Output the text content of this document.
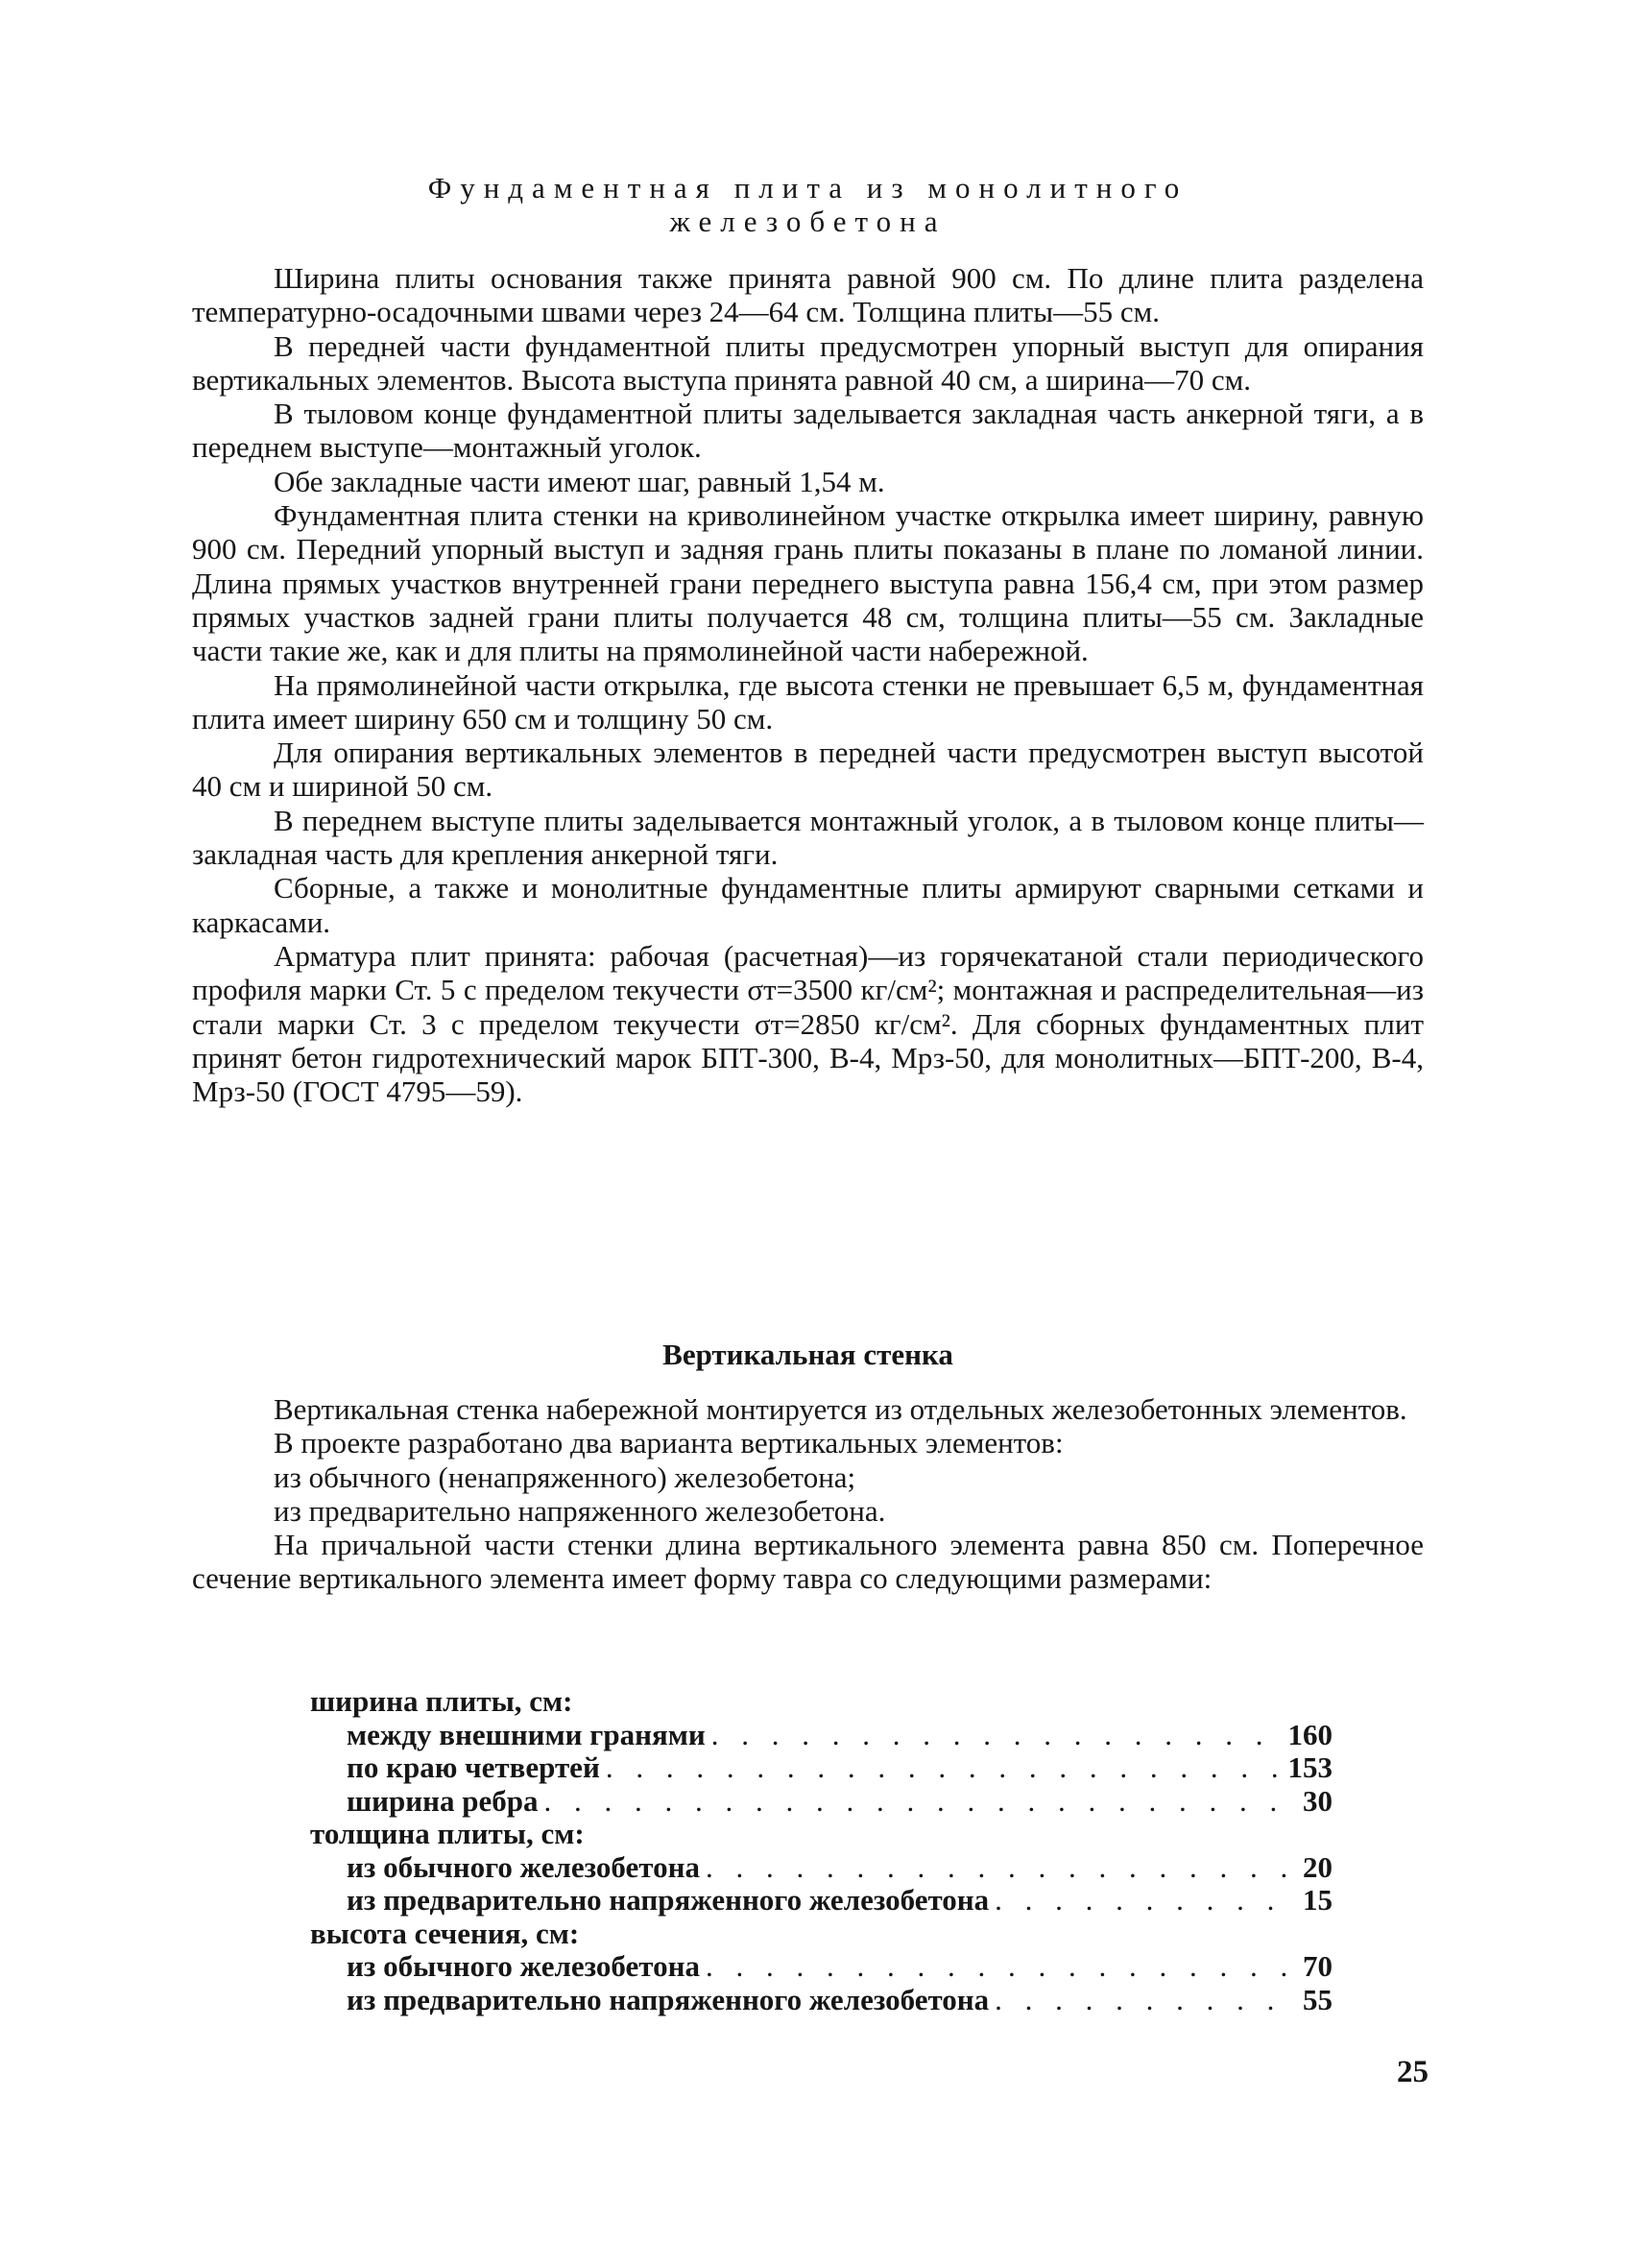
Фундаментная плита из монолитного
железобетона

Ширина плиты основания также принята равной 900 см. По длине плита разделена температурно-осадочными швами через 24—64 см. Толщина плиты—55 см.

В передней части фундаментной плиты предусмотрен упорный выступ для опирания вертикальных элементов. Высота выступа принята равной 40 см, а ширина—70 см.

В тыловом конце фундаментной плиты заделывается закладная часть анкерной тяги, а в переднем выступе—монтажный уголок.

Обе закладные части имеют шаг, равный 1,54 м.

Фундаментная плита стенки на криволинейном участке открылка имеет ширину, равную 900 см. Передний упорный выступ и задняя грань плиты показаны в плане по ломаной линии. Длина прямых участков внутренней грани переднего выступа равна 156,4 см, при этом размер прямых участков задней грани плиты получается 48 см, толщина плиты—55 см. Закладные части такие же, как и для плиты на прямолинейной части набережной.

На прямолинейной части открылка, где высота стенки не превышает 6,5 м, фундаментная плита имеет ширину 650 см и толщину 50 см.

Для опирания вертикальных элементов в передней части предусмотрен выступ высотой 40 см и шириной 50 см.

В переднем выступе плиты заделывается монтажный уголок, а в тыловом конце плиты—закладная часть для крепления анкерной тяги.

Сборные, а также и монолитные фундаментные плиты армируют сварными сетками и каркасами.

Арматура плит принята: рабочая (расчетная)—из горячекатаной стали периодического профиля марки Ст. 5 с пределом текучести σт=3500 кг/см²; монтажная и распределительная—из стали марки Ст. 3 с пределом текучести σт=2850 кг/см². Для сборных фундаментных плит принят бетон гидротехнический марок БПТ-300, В-4, Мрз-50, для монолитных—БПТ-200, В-4, Мрз-50 (ГОСТ 4795—59).

Вертикальная стенка

Вертикальная стенка набережной монтируется из отдельных железобетонных элементов.

В проекте разработано два варианта вертикальных элементов:

из обычного (ненапряженного) железобетона;
из предварительно напряженного железобетона.

На причальной части стенки длина вертикального элемента равна 850 см. Поперечное сечение вертикального элемента имеет форму тавра со следующими размерами:

ширина плиты, см:
между внешними гранями . . .	160
по краю четвертей . . .	153
ширина ребра . . .	30
толщина плиты, см:
из обычного железобетона . . .	20
из предварительно напряженного железобетона . . .	15
высота сечения, см:
из обычного железобетона . . .	70
из предварительно напряженного железобетона . . .	55
25
